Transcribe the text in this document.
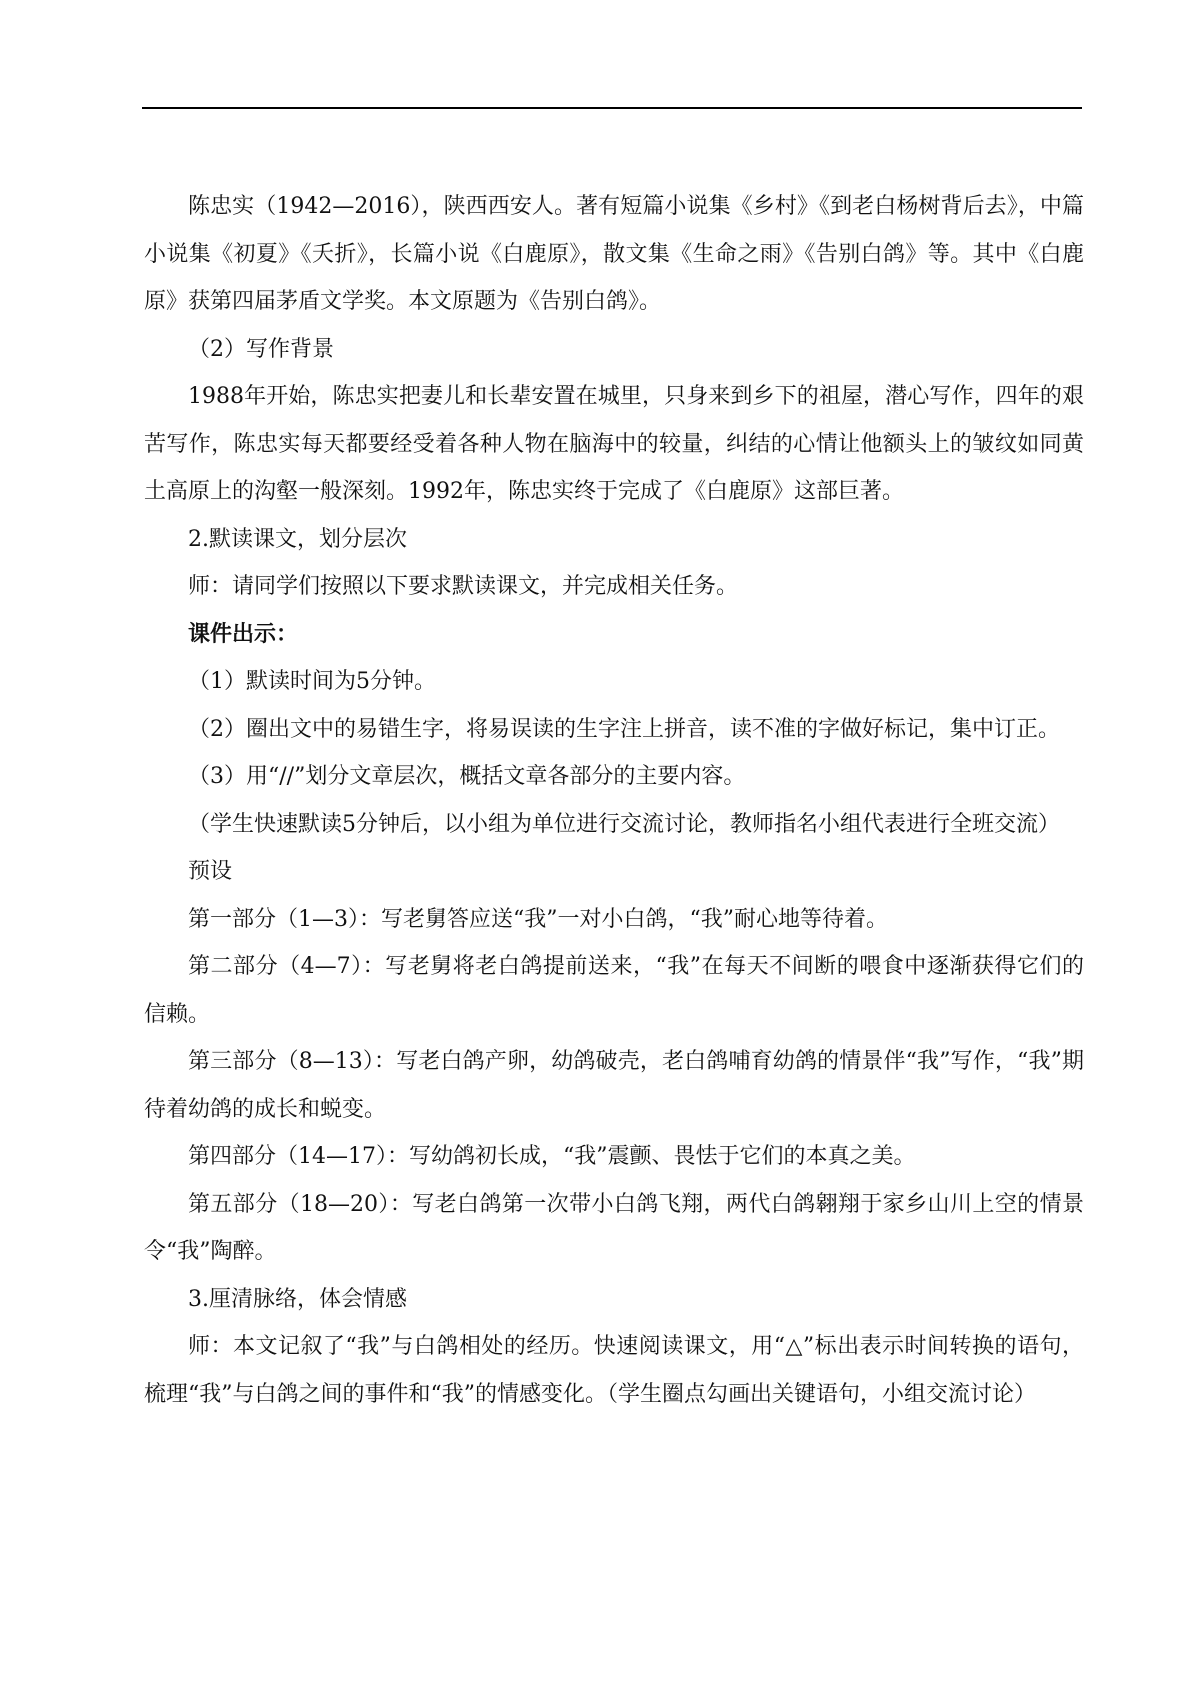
陈忠实（1942—2016），陕西西安人。著有短篇小说集《乡村》《到老白杨树背后去》，中篇小说集《初夏》《夭折》，长篇小说《白鹿原》，散文集《生命之雨》《告别白鸽》等。其中《白鹿原》获第四届茅盾文学奖。本文原题为《告别白鸽》。

（2）写作背景

1988年开始，陈忠实把妻儿和长辈安置在城里，只身来到乡下的祖屋，潜心写作，四年的艰苦写作，陈忠实每天都要经受着各种人物在脑海中的较量，纠结的心情让他额头上的皱纹如同黄土高原上的沟壑一般深刻。1992年，陈忠实终于完成了《白鹿原》这部巨著。

2.默读课文，划分层次

师：请同学们按照以下要求默读课文，并完成相关任务。

课件出示：

（1）默读时间为5分钟。

（2）圈出文中的易错生字，将易误读的生字注上拼音，读不准的字做好标记，集中订正。

（3）用“//”划分文章层次，概括文章各部分的主要内容。

（学生快速默读5分钟后，以小组为单位进行交流讨论，教师指名小组代表进行全班交流）

预设

第一部分（1—3）：写老舅答应送“我”一对小白鸽，“我”耐心地等待着。

第二部分（4—7）：写老舅将老白鸽提前送来，“我”在每天不间断的喂食中逐渐获得它们的信赖。

第三部分（8—13）：写老白鸽产卵，幼鸽破壳，老白鸽哺育幼鸽的情景伴“我”写作，“我”期待着幼鸽的成长和蜕变。

第四部分（14—17）：写幼鸽初长成，“我”震颤、畏怯于它们的本真之美。

第五部分（18—20）：写老白鸽第一次带小白鸽飞翔，两代白鸽翱翔于家乡山川上空的情景令“我”陶醉。

3.厘清脉络，体会情感

师：本文记叙了“我”与白鸽相处的经历。快速阅读课文，用“△”标出表示时间转换的语句，梳理“我”与白鸽之间的事件和“我”的情感变化。（学生圈点勾画出关键语句，小组交流讨论）
